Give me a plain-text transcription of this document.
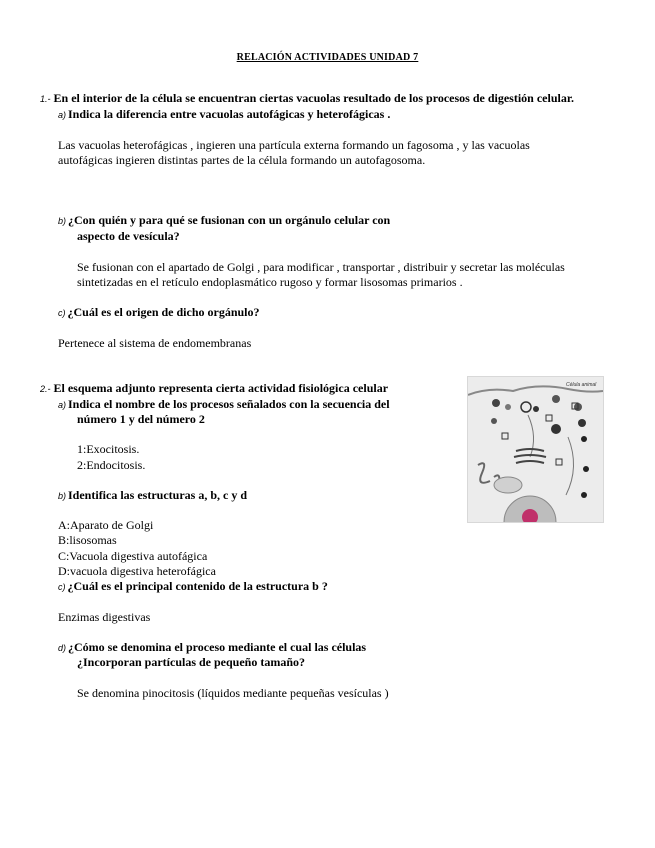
RELACIÓN ACTIVIDADES UNIDAD 7
1.- En el interior de la célula se encuentran ciertas vacuolas resultado de los procesos de digestión celular.
a) Indica la diferencia entre vacuolas autofágicas y heterofágicas .
Las vacuolas heterofágicas , ingieren una partícula externa formando un fagosoma , y las vacuolas
autofágicas ingieren distintas partes de la célula formando un autofagosoma.
b) ¿Con quién y para qué se fusionan con un orgánulo celular con
aspecto de vesícula?
Se fusionan con el apartado de Golgi , para modificar , transportar , distribuir y secretar las moléculas
sintetizadas en el retículo endoplasmático rugoso y formar lisosomas primarios .
c) ¿Cuál es el origen de dicho orgánulo?
Pertenece al sistema de endomembranas
2.- El esquema adjunto representa cierta actividad fisiológica celular
a) Indica el nombre de los procesos señalados con la secuencia del
número 1 y del número 2
1:Exocitosis.
2:Endocitosis.
b) Identifica las estructuras a, b, c y d
A:Aparato de Golgi
B:lisosomas
C:Vacuola digestiva autofágica
D:vacuola digestiva heterofágica
c) ¿Cuál es el principal contenido de la estructura b ?
Enzimas digestivas
d) ¿Cómo se denomina el proceso mediante el cual las células
¿Incorporan partículas de pequeño tamaño?
Se denomina pinocitosis (líquidos mediante pequeñas vesículas )
Célula animal
